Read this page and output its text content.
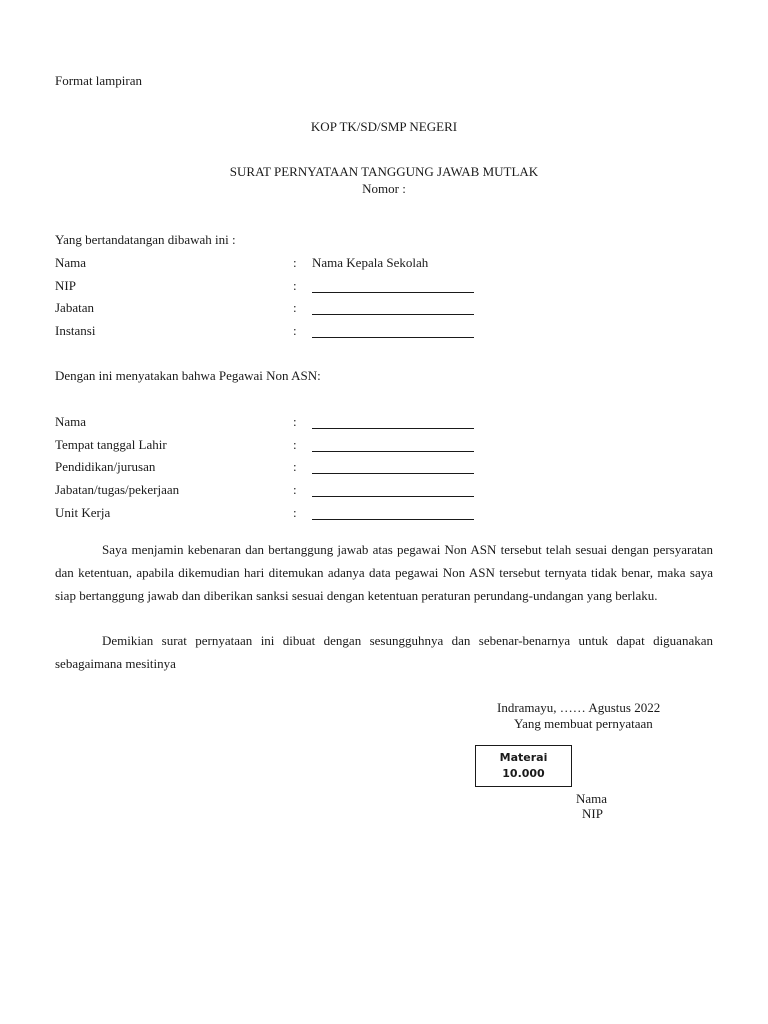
Format lampiran
KOP TK/SD/SMP NEGERI
SURAT PERNYATAAN TANGGUNG JAWAB MUTLAK
Nomor :
Yang bertandatangan dibawah ini :
Nama	: Nama Kepala Sekolah
NIP	:
Jabatan	:
Instansi	:
Dengan ini menyatakan bahwa Pegawai Non ASN:
Nama	:
Tempat tanggal Lahir	:
Pendidikan/jurusan	:
Jabatan/tugas/pekerjaan	:
Unit Kerja	:
Saya menjamin kebenaran dan bertanggung jawab atas pegawai Non ASN tersebut telah sesuai dengan persyaratan dan ketentuan, apabila dikemudian hari ditemukan adanya data pegawai Non ASN tersebut ternyata tidak benar, maka saya siap bertanggung jawab dan diberikan sanksi sesuai dengan ketentuan peraturan perundang-undangan yang berlaku.
Demikian surat pernyataan ini dibuat dengan sesungguhnya dan sebenar-benarnya untuk dapat diguanakan sebagaimana mesitinya
Indramayu, …… Agustus 2022
Yang membuat pernyataan
Materai
10.000
Nama
NIP
